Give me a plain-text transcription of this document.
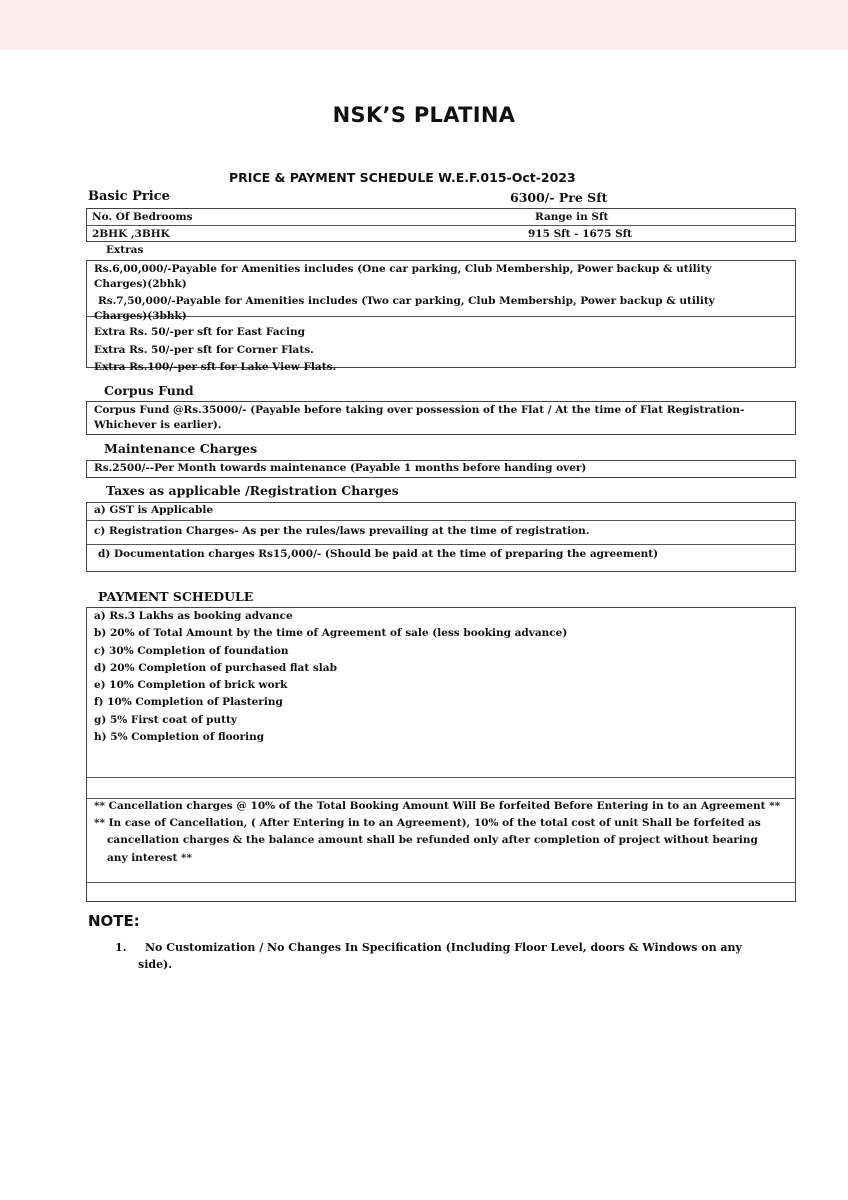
NSK’S PLATINA
PRICE & PAYMENT SCHEDULE W.E.F.015-Oct-2023
Basic Price	6300/- Pre Sft
No. Of Bedrooms	Range in Sft
2BHK ,3BHK	915 Sft - 1675 Sft
Extras
Rs.6,00,000/-Payable for Amenities includes (One car parking, Club Membership, Power backup & utility
Charges)(2bhk)
Rs.7,50,000/-Payable for Amenities includes (Two car parking, Club Membership, Power backup & utility
Charges)(3bhk)
Extra Rs. 50/-per sft for East Facing
Extra Rs. 50/-per sft for Corner Flats.
Extra Rs.100/-per sft for Lake View Flats.
Corpus Fund
Corpus Fund @Rs.35000/- (Payable before taking over possession of the Flat / At the time of Flat Registration-
Whichever is earlier).
Maintenance Charges
Rs.2500/--Per Month towards maintenance (Payable 1 months before handing over)
Taxes as applicable /Registration Charges
a) GST is Applicable
c) Registration Charges- As per the rules/laws prevailing at the time of registration.
d) Documentation charges Rs15,000/- (Should be paid at the time of preparing the agreement)
PAYMENT SCHEDULE
a) Rs.3 Lakhs as booking advance
b) 20% of Total Amount by the time of Agreement of sale (less booking advance)
c) 30% Completion of foundation
d) 20% Completion of purchased flat slab
e) 10% Completion of brick work
f) 10% Completion of Plastering
g) 5% First coat of putty
h) 5% Completion of flooring
** Cancellation charges @ 10% of the Total Booking Amount Will Be forfeited Before Entering in to an Agreement **
** In case of Cancellation, ( After Entering in to an Agreement), 10% of the total cost of unit Shall be forfeited as
cancellation charges & the balance amount shall be refunded only after completion of project without bearing
any interest **
NOTE:
1. No Customization / No Changes In Specification (Including Floor Level, doors & Windows on any
side).
